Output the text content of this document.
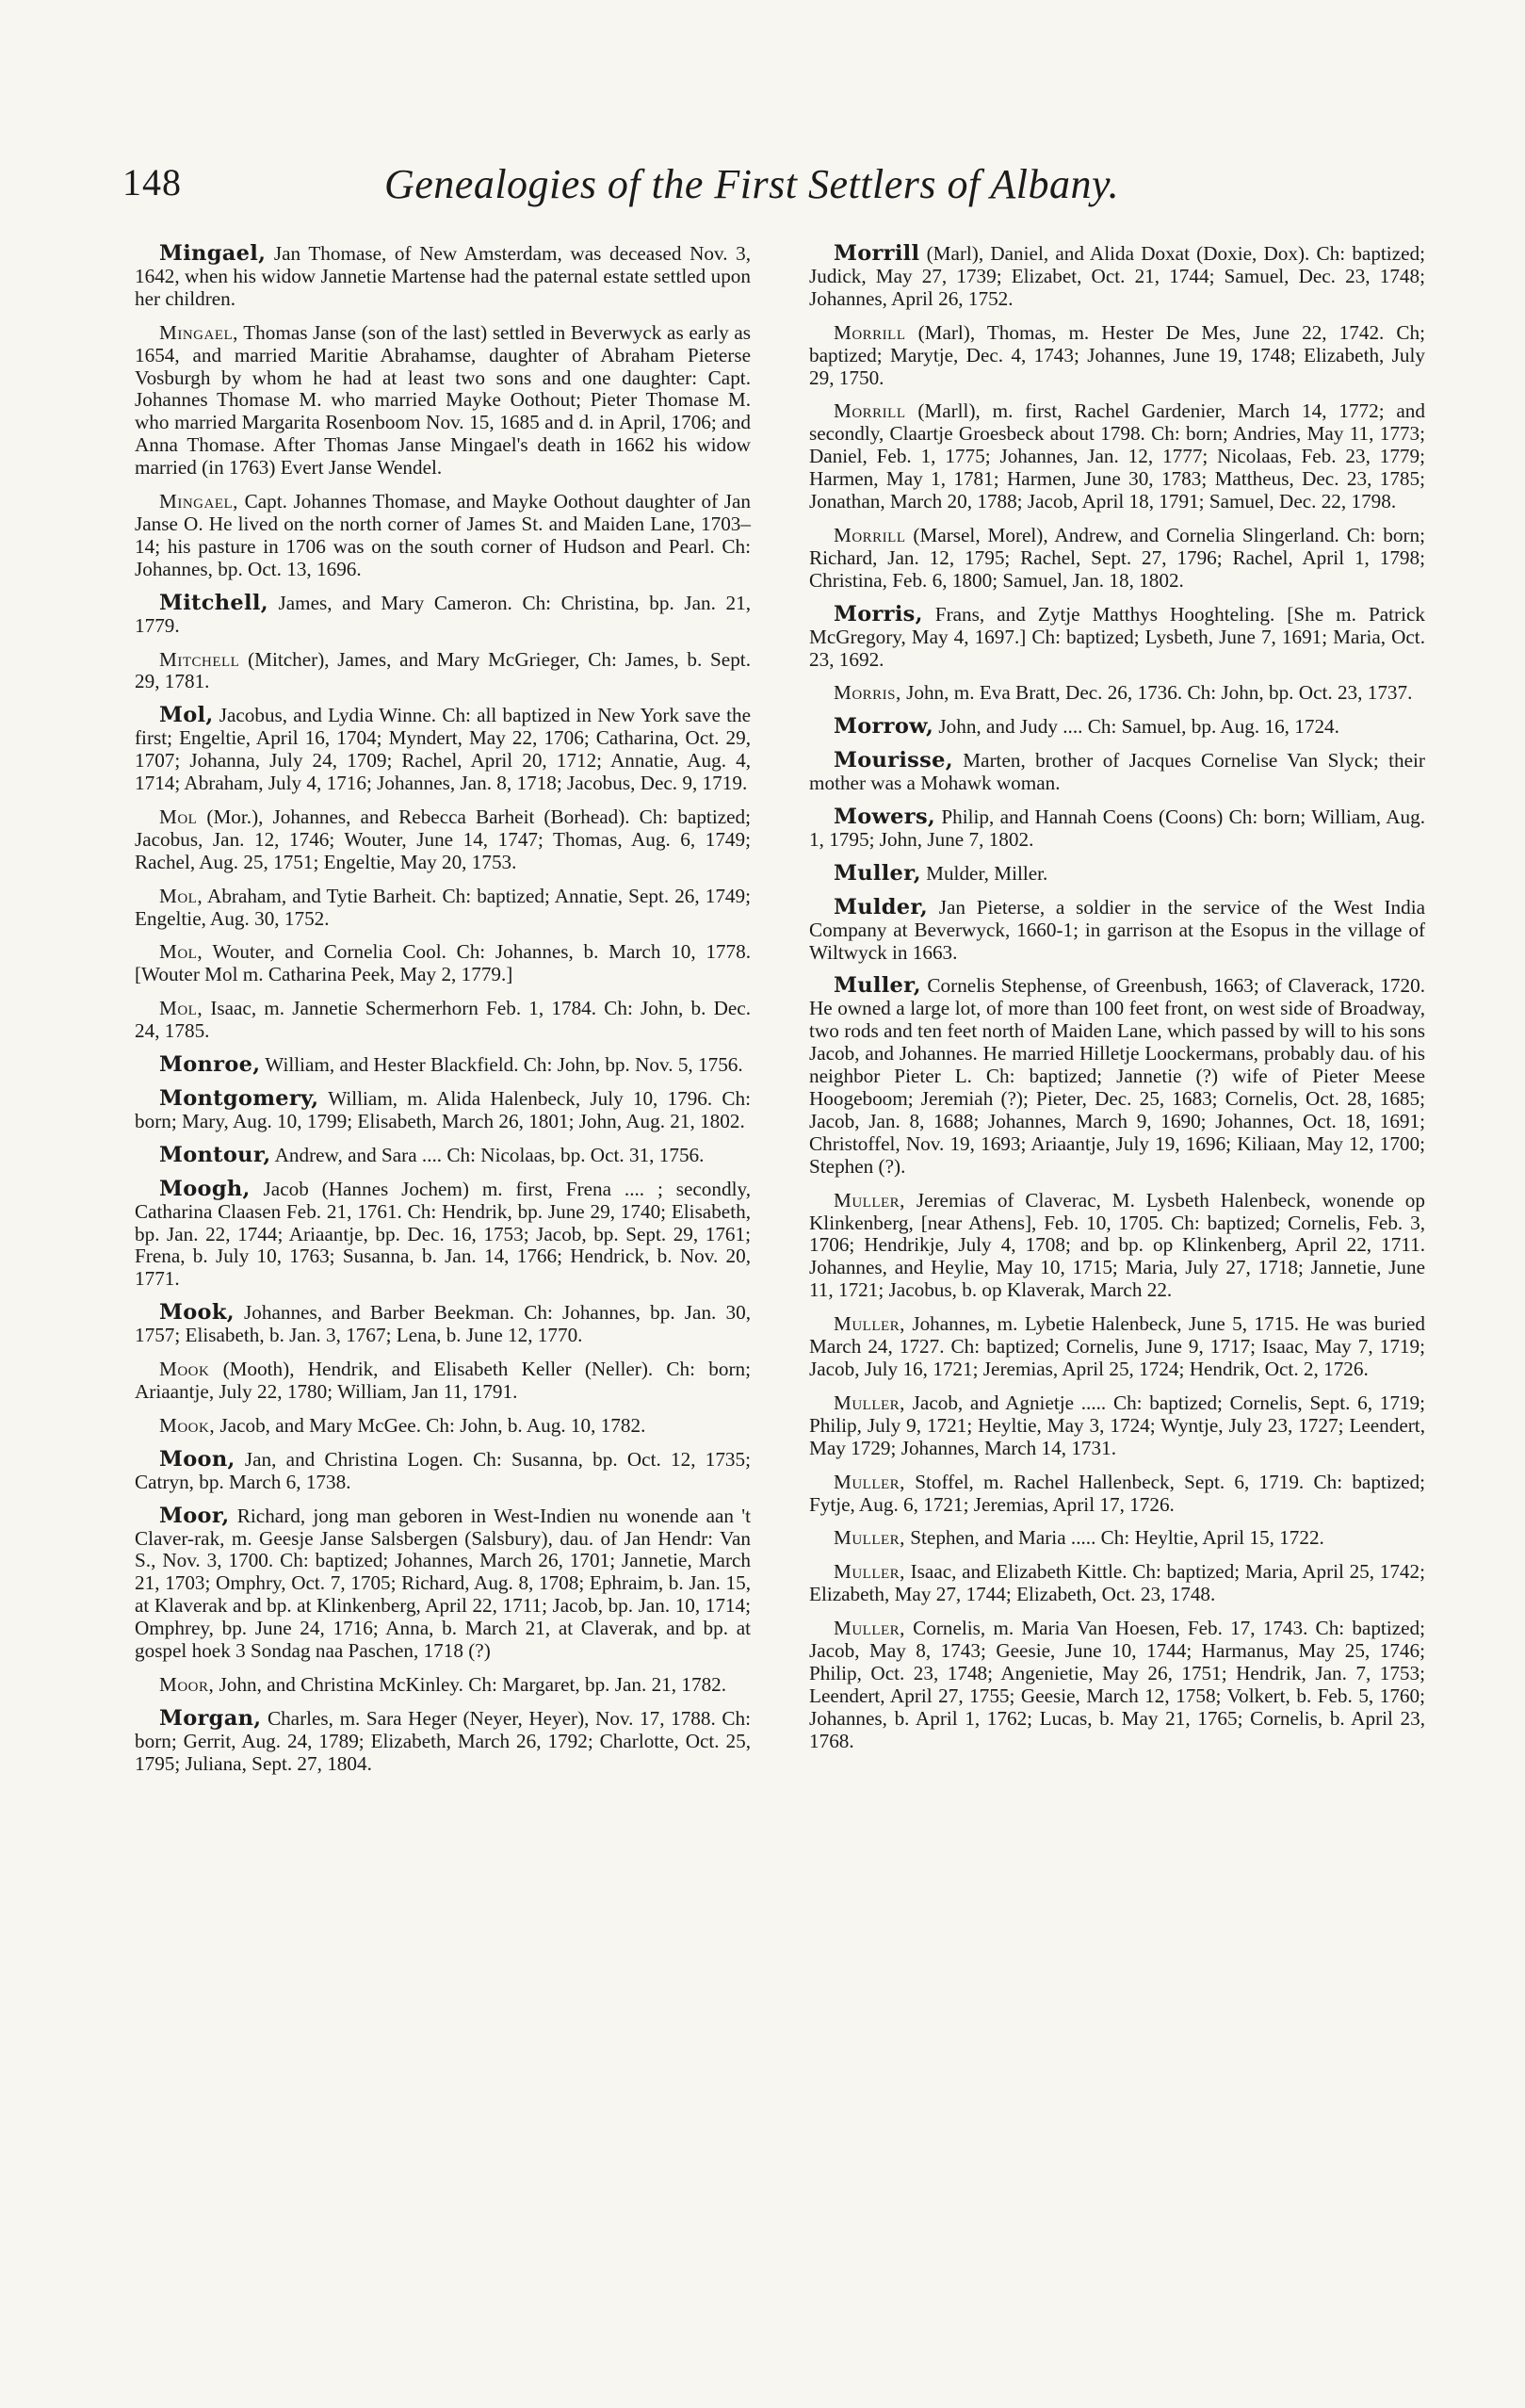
148	Genealogies of the First Settlers of Albany.

Mingael, Jan Thomase, of New Amsterdam, was deceased Nov. 3, 1642, when his widow Jannetie Martense had the paternal estate settled upon her children.

Mingael, Thomas Janse (son of the last) settled in Beverwyck as early as 1654, and married Maritie Abrahamse, daughter of Abraham Pieterse Vosburgh by whom he had at least two sons and one daughter: Capt. Johannes Thomase M. who married Mayke Oothout; Pieter Thomase M. who married Margarita Rosenboom Nov. 15, 1685 and d. in April, 1706; and Anna Thomase. After Thomas Janse Mingael's death in 1662 his widow married (in 1763) Evert Janse Wendel.

Mingael, Capt. Johannes Thomase, and Mayke Oothout daughter of Jan Janse O. He lived on the north corner of James St. and Maiden Lane, 1703–14; his pasture in 1706 was on the south corner of Hudson and Pearl. Ch: Johannes, bp. Oct. 13, 1696.

Mitchell, James, and Mary Cameron. Ch: Christina, bp. Jan. 21, 1779.

Mitchell (Mitcher), James, and Mary McGrieger, Ch: James, b. Sept. 29, 1781.

Mol, Jacobus, and Lydia Winne. Ch: all baptized in New York save the first; Engeltie, April 16, 1704; Myndert, May 22, 1706; Catharina, Oct. 29, 1707; Johanna, July 24, 1709; Rachel, April 20, 1712; Annatie, Aug. 4, 1714; Abraham, July 4, 1716; Johannes, Jan. 8, 1718; Jacobus, Dec. 9, 1719.

Mol (Mor.), Johannes, and Rebecca Barheit (Borhead). Ch: baptized; Jacobus, Jan. 12, 1746; Wouter, June 14, 1747; Thomas, Aug. 6, 1749; Rachel, Aug. 25, 1751; Engeltie, May 20, 1753.

Mol, Abraham, and Tytie Barheit. Ch: baptized; Annatie, Sept. 26, 1749; Engeltie, Aug. 30, 1752.

Mol, Wouter, and Cornelia Cool. Ch: Johannes, b. March 10, 1778. [Wouter Mol m. Catharina Peek, May 2, 1779.]

Mol, Isaac, m. Jannetie Schermerhorn Feb. 1, 1784. Ch: John, b. Dec. 24, 1785.

Monroe, William, and Hester Blackfield. Ch: John, bp. Nov. 5, 1756.

Montgomery, William, m. Alida Halenbeck, July 10, 1796. Ch: born; Mary, Aug. 10, 1799; Elisabeth, March 26, 1801; John, Aug. 21, 1802.

Montour, Andrew, and Sara .... Ch: Nicolaas, bp. Oct. 31, 1756.

Moogh, Jacob (Hannes Jochem) m. first, Frena .... ; secondly, Catharina Claasen Feb. 21, 1761. Ch: Hendrik, bp. June 29, 1740; Elisabeth, bp. Jan. 22, 1744; Ariaantje, bp. Dec. 16, 1753; Jacob, bp. Sept. 29, 1761; Frena, b. July 10, 1763; Susanna, b. Jan. 14, 1766; Hendrick, b. Nov. 20, 1771.

Mook, Johannes, and Barber Beekman. Ch: Johannes, bp. Jan. 30, 1757; Elisabeth, b. Jan. 3, 1767; Lena, b. June 12, 1770.

Mook (Mooth), Hendrik, and Elisabeth Keller (Neller). Ch: born; Ariaantje, July 22, 1780; William, Jan 11, 1791.

Mook, Jacob, and Mary McGee. Ch: John, b. Aug. 10, 1782.

Moon, Jan, and Christina Logen. Ch: Susanna, bp. Oct. 12, 1735; Catryn, bp. March 6, 1738.

Moor, Richard, jong man geboren in West-Indien nu wonende aan 't Claver-rak, m. Geesje Janse Salsbergen (Salsbury), dau. of Jan Hendr: Van S., Nov. 3, 1700. Ch: baptized; Johannes, March 26, 1701; Jannetie, March 21, 1703; Omphry, Oct. 7, 1705; Richard, Aug. 8, 1708; Ephraim, b. Jan. 15, at Klaverak and bp. at Klinkenberg, April 22, 1711; Jacob, bp. Jan. 10, 1714; Omphrey, bp. June 24, 1716; Anna, b. March 21, at Claverak, and bp. at gospel hoek 3 Sondag naa Paschen, 1718 (?)

Moor, John, and Christina McKinley. Ch: Margaret, bp. Jan. 21, 1782.

Morgan, Charles, m. Sara Heger (Neyer, Heyer), Nov. 17, 1788. Ch: born; Gerrit, Aug. 24, 1789; Elizabeth, March 26, 1792; Charlotte, Oct. 25, 1795; Juliana, Sept. 27, 1804.

Morrill (Marl), Daniel, and Alida Doxat (Doxie, Dox). Ch: baptized; Judick, May 27, 1739; Elizabet, Oct. 21, 1744; Samuel, Dec. 23, 1748; Johannes, April 26, 1752.

Morrill (Marl), Thomas, m. Hester De Mes, June 22, 1742. Ch; baptized; Marytje, Dec. 4, 1743; Johannes, June 19, 1748; Elizabeth, July 29, 1750.

Morrill (Marll), m. first, Rachel Gardenier, March 14, 1772; and secondly, Claartje Groesbeck about 1798. Ch: born; Andries, May 11, 1773; Daniel, Feb. 1, 1775; Johannes, Jan. 12, 1777; Nicolaas, Feb. 23, 1779; Harmen, May 1, 1781; Harmen, June 30, 1783; Mattheus, Dec. 23, 1785; Jonathan, March 20, 1788; Jacob, April 18, 1791; Samuel, Dec. 22, 1798.

Morrill (Marsel, Morel), Andrew, and Cornelia Slingerland. Ch: born; Richard, Jan. 12, 1795; Rachel, Sept. 27, 1796; Rachel, April 1, 1798; Christina, Feb. 6, 1800; Samuel, Jan. 18, 1802.

Morris, Frans, and Zytje Matthys Hooghteling. [She m. Patrick McGregory, May 4, 1697.] Ch: baptized; Lysbeth, June 7, 1691; Maria, Oct. 23, 1692.

Morris, John, m. Eva Bratt, Dec. 26, 1736. Ch: John, bp. Oct. 23, 1737.

Morrow, John, and Judy .... Ch: Samuel, bp. Aug. 16, 1724.

Mourisse, Marten, brother of Jacques Cornelise Van Slyck; their mother was a Mohawk woman.

Mowers, Philip, and Hannah Coens (Coons) Ch: born; William, Aug. 1, 1795; John, June 7, 1802.

Muller, Mulder, Miller.

Mulder, Jan Pieterse, a soldier in the service of the West India Company at Beverwyck, 1660-1; in garrison at the Esopus in the village of Wiltwyck in 1663.

Muller, Cornelis Stephense, of Greenbush, 1663; of Claverack, 1720. He owned a large lot, of more than 100 feet front, on west side of Broadway, two rods and ten feet north of Maiden Lane, which passed by will to his sons Jacob, and Johannes. He married Hilletje Loockermans, probably dau. of his neighbor Pieter L. Ch: baptized; Jannetie (?) wife of Pieter Meese Hoogeboom; Jeremiah (?); Pieter, Dec. 25, 1683; Cornelis, Oct. 28, 1685; Jacob, Jan. 8, 1688; Johannes, March 9, 1690; Johannes, Oct. 18, 1691; Christoffel, Nov. 19, 1693; Ariaantje, July 19, 1696; Kiliaan, May 12, 1700; Stephen (?).

Muller, Jeremias of Claverac, M. Lysbeth Halenbeck, wonende op Klinkenberg, [near Athens], Feb. 10, 1705. Ch: baptized; Cornelis, Feb. 3, 1706; Hendrikje, July 4, 1708; and bp. op Klinkenberg, April 22, 1711. Johannes, and Heylie, May 10, 1715; Maria, July 27, 1718; Jannetie, June 11, 1721; Jacobus, b. op Klaverak, March 22.

Muller, Johannes, m. Lybetie Halenbeck, June 5, 1715. He was buried March 24, 1727. Ch: baptized; Cornelis, June 9, 1717; Isaac, May 7, 1719; Jacob, July 16, 1721; Jeremias, April 25, 1724; Hendrik, Oct. 2, 1726.

Muller, Jacob, and Agnietje ..... Ch: baptized; Cornelis, Sept. 6, 1719; Philip, July 9, 1721; Heyltie, May 3, 1724; Wyntje, July 23, 1727; Leendert, May 1729; Johannes, March 14, 1731.

Muller, Stoffel, m. Rachel Hallenbeck, Sept. 6, 1719. Ch: baptized; Fytje, Aug. 6, 1721; Jeremias, April 17, 1726.

Muller, Stephen, and Maria ..... Ch: Heyltie, April 15, 1722.

Muller, Isaac, and Elizabeth Kittle. Ch: baptized; Maria, April 25, 1742; Elizabeth, May 27, 1744; Elizabeth, Oct. 23, 1748.

Muller, Cornelis, m. Maria Van Hoesen, Feb. 17, 1743. Ch: baptized; Jacob, May 8, 1743; Geesie, June 10, 1744; Harmanus, May 25, 1746; Philip, Oct. 23, 1748; Angenietie, May 26, 1751; Hendrik, Jan. 7, 1753; Leendert, April 27, 1755; Geesie, March 12, 1758; Volkert, b. Feb. 5, 1760; Johannes, b. April 1, 1762; Lucas, b. May 21, 1765; Cornelis, b. April 23, 1768.
